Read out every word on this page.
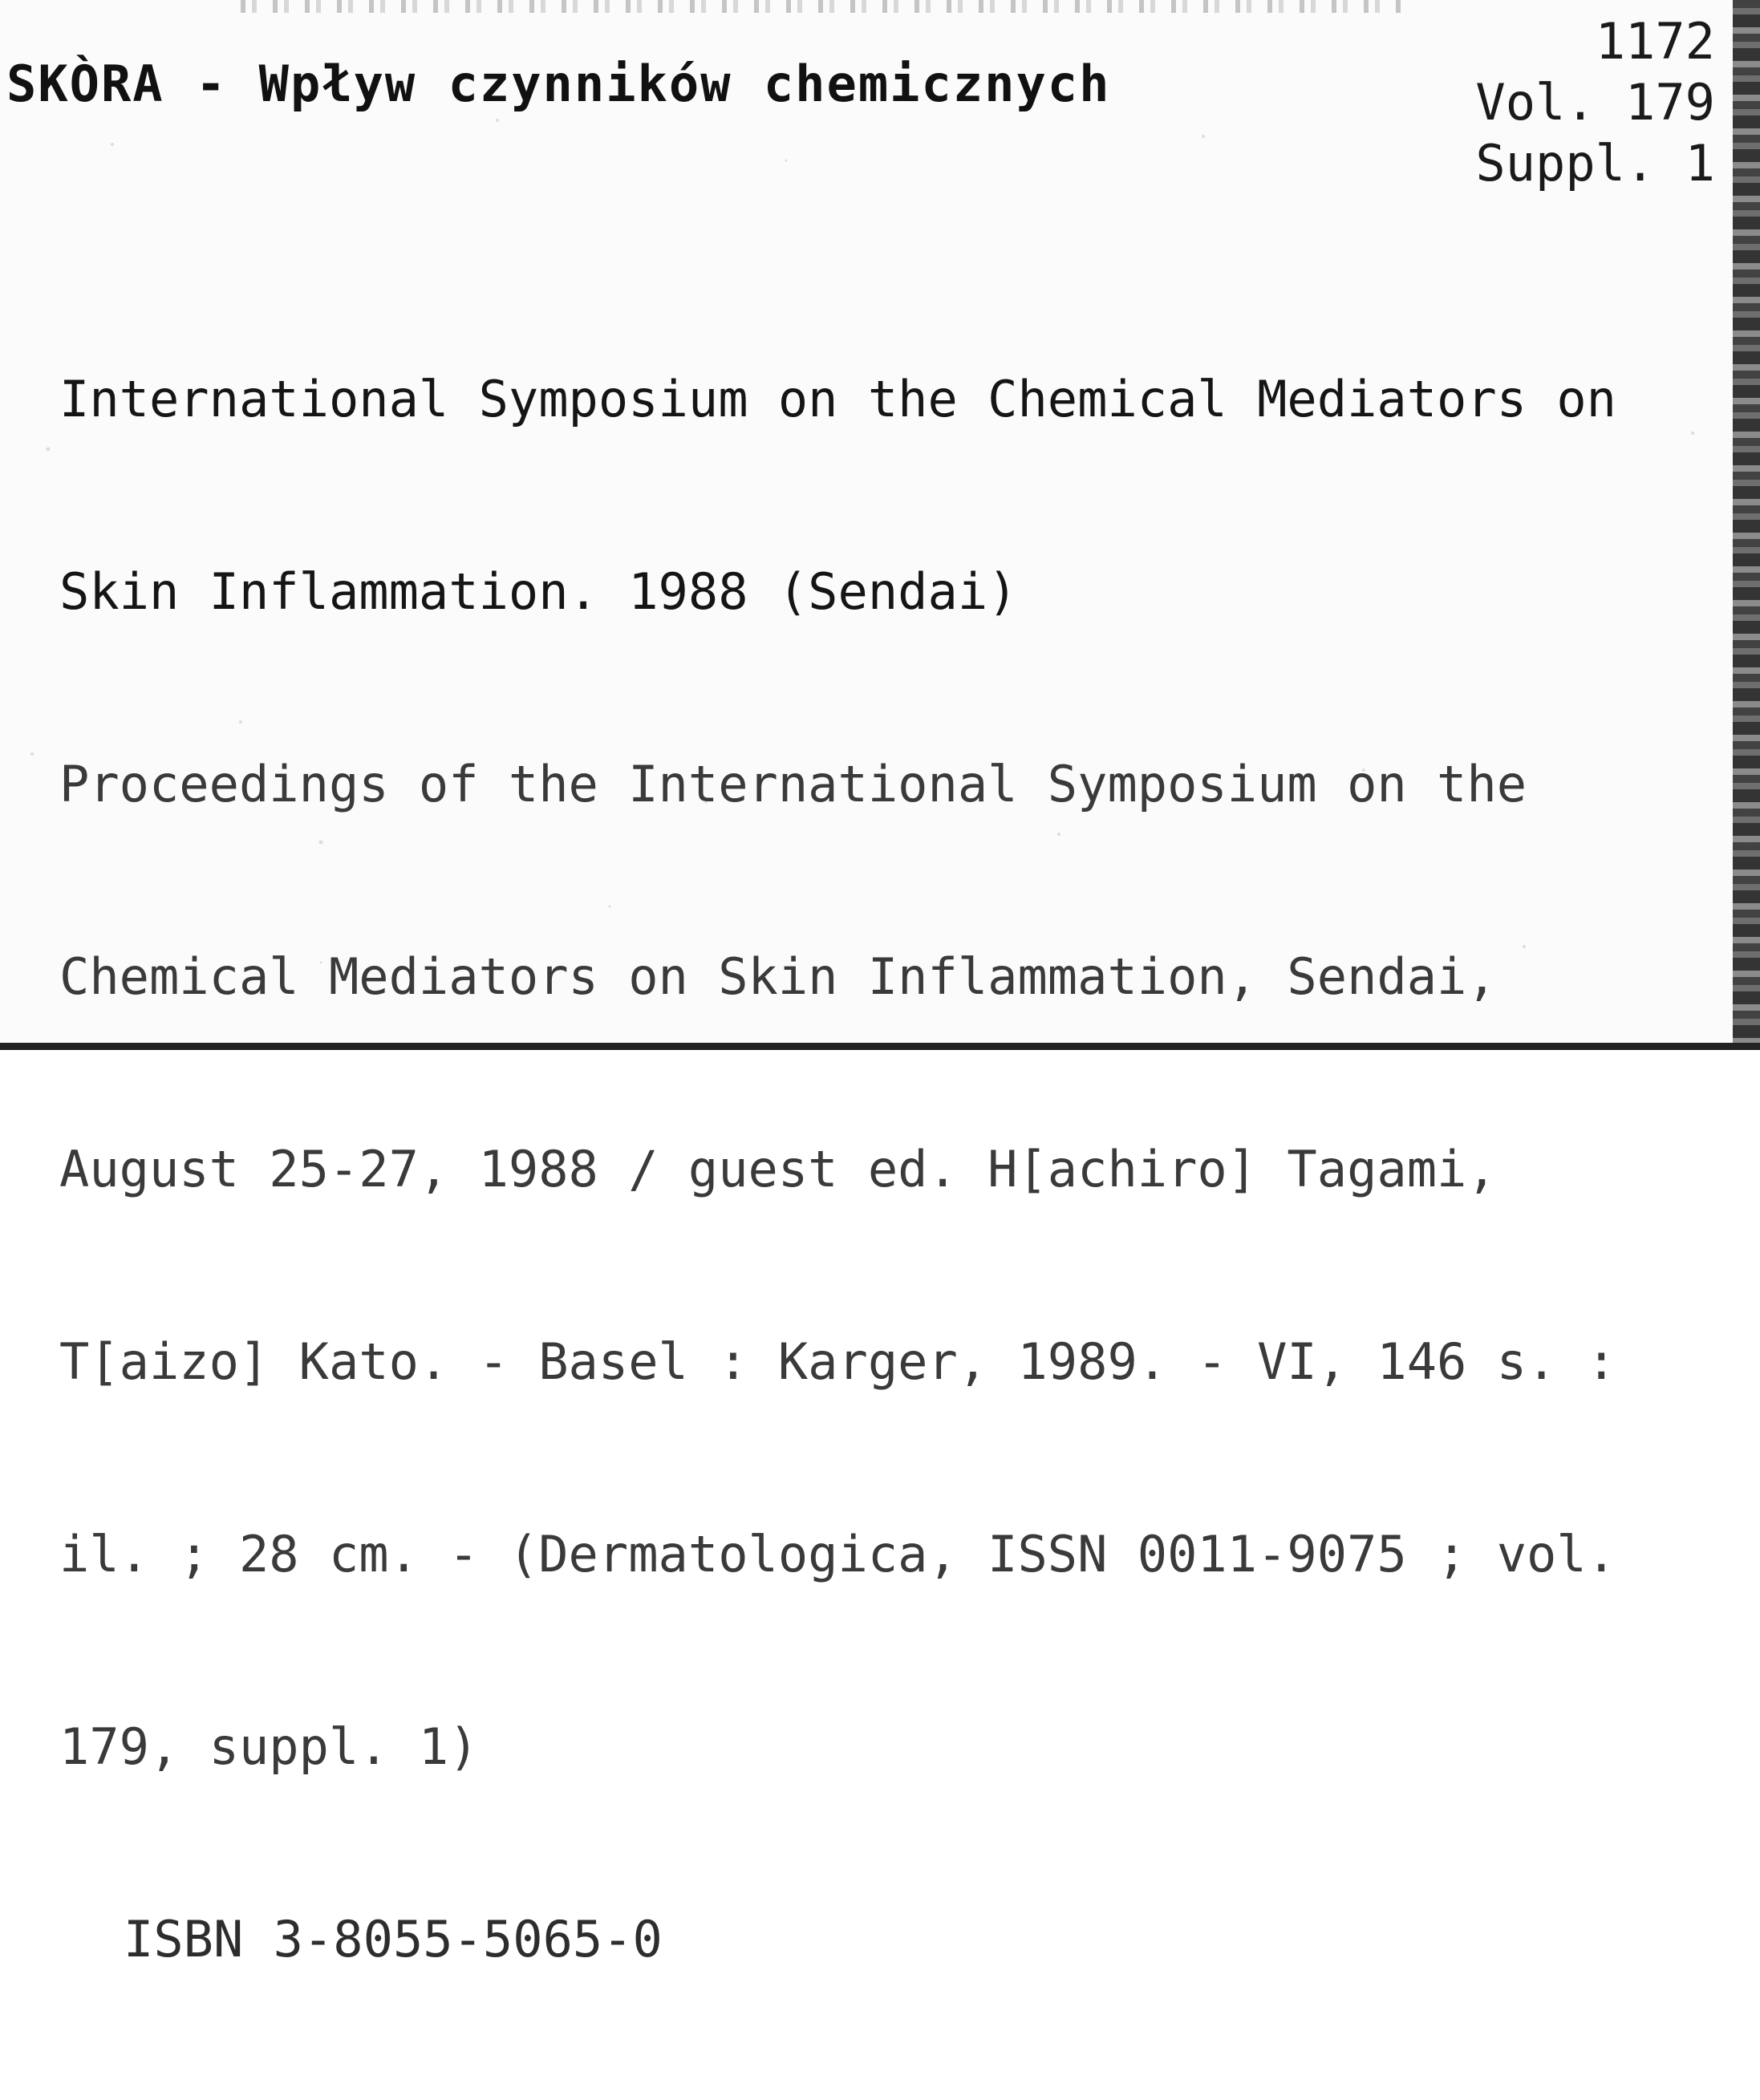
SKÒRA - Wpływ czynników chemicznych
1172
Vol. 179
Suppl. 1

International Symposium on the Chemical Mediators on

Skin Inflammation. 1988 (Sendai)

Proceedings of the International Symposium on the

Chemical Mediators on Skin Inflammation, Sendai,

August 25-27, 1988 / guest ed. H[achiro] Tagami,

T[aizo] Kato. - Basel : Karger, 1989. - VI, 146 s. :

il. ; 28 cm. - (Dermatologica, ISSN 0011-9075 ; vol.

179, suppl. 1)

ISBN 3-8055-5065-0
